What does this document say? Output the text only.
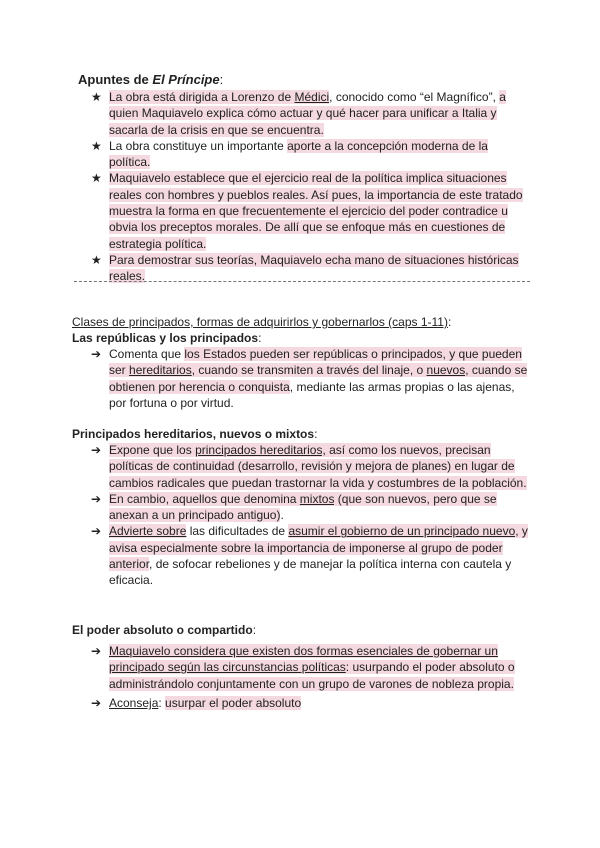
Apuntes de El Príncipe:
★ La obra está dirigida a Lorenzo de Médici, conocido como “el Magnífico”, a quien Maquiavelo explica cómo actuar y qué hacer para unificar a Italia y sacarla de la crisis en que se encuentra.
★ La obra constituye un importante aporte a la concepción moderna de la política.
★ Maquiavelo establece que el ejercicio real de la política implica situaciones reales con hombres y pueblos reales. Así pues, la importancia de este tratado muestra la forma en que frecuentemente el ejercicio del poder contradice u obvia los preceptos morales. De allí que se enfoque más en cuestiones de estrategia política.
★ Para demostrar sus teorías, Maquiavelo echa mano de situaciones históricas reales.
Clases de principados, formas de adquirirlos y gobernarlos (caps 1-11):
Las repúblicas y los principados:
➔ Comenta que los Estados pueden ser repúblicas o principados, y que pueden ser hereditarios, cuando se transmiten a través del linaje, o nuevos, cuando se obtienen por herencia o conquista, mediante las armas propias o las ajenas, por fortuna o por virtud.
Principados hereditarios, nuevos o mixtos:
➔ Expone que los principados hereditarios, así como los nuevos, precisan políticas de continuidad (desarrollo, revisión y mejora de planes) en lugar de cambios radicales que puedan trastornar la vida y costumbres de la población.
➔ En cambio, aquellos que denomina mixtos (que son nuevos, pero que se anexan a un principado antiguo).
➔ Advierte sobre las dificultades de asumir el gobierno de un principado nuevo, y avisa especialmente sobre la importancia de imponerse al grupo de poder anterior, de sofocar rebeliones y de manejar la política interna con cautela y eficacia.
El poder absoluto o compartido:
➔ Maquiavelo considera que existen dos formas esenciales de gobernar un principado según las circunstancias políticas: usurpando el poder absoluto o administrándolo conjuntamente con un grupo de varones de nobleza propia.
➔ Aconseja: usurpar el poder absoluto
